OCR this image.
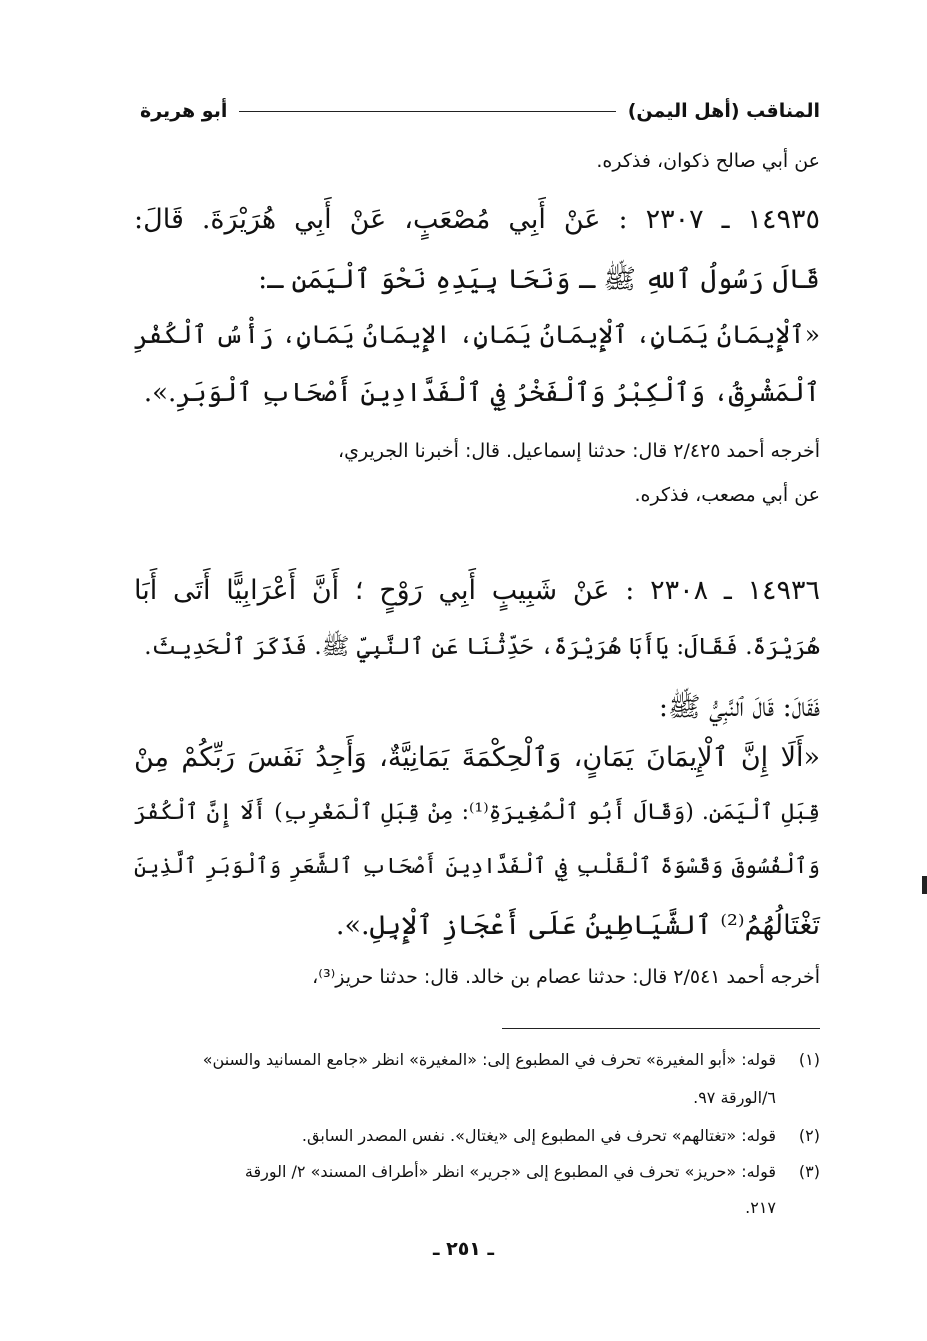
المناقب (أهل اليمن)
أبو هريرة
عن أبي صالح ذكوان، فذكره.
١٤٩٣٥ ـ ٢٣٠٧ : عَنْ أَبِي مُصْعَبٍ، عَنْ أَبِي هُرَيْرَةَ. قَالَ:
قَالَ رَسُولُ ٱللهِ ﷺ ـ وَنَحَا بِيَدِهِ نَحْوَ ٱلْيَمَنِ ـ:
«ٱلْإِيمَانُ يَمَانٍ، ٱلْإِيمَانُ يَمَانٍ، الإِيمَانُ يَمَانٍ، رَأْسُ ٱلْكُفْرِ
ٱلْمَشْرِقُ، وَٱلْكِبْرُ وَٱلْفَخْرُ فِي ٱلْفَدَّادِينَ أَصْحَابِ ٱلْوَبَرِ.».
أخرجه أحمد ٢/٤٢٥ قال: حدثنا إسماعيل. قال: أخبرنا الجريري،
عن أبي مصعب، فذكره.
١٤٩٣٦ ـ ٢٣٠٨ : عَنْ شَبِيبٍ أَبِي رَوْحٍ ؛ أَنَّ أَعْرَابِيًّا أَتَى أَبَا
هُرَيْرَةَ. فَقَالَ: يَاأَبَا هُرَيْرَةَ، حَدِّثْنَا عَنِ ٱلنَّبِيِّ ﷺ. فَذَكَرَ ٱلْحَدِيثَ.
فَقَالَ: قَالَ ٱلنَّبِيُّ ﷺ:
«أَلَا إِنَّ ٱلْإِيمَانَ يَمَانٍ، وَٱلْحِكْمَةَ يَمَانِيَّةٌ، وَأَجِدُ نَفَسَ رَبِّكُمْ مِنْ
قِبَلِ ٱلْيَمَنِ. (وَقَالَ أَبُو ٱلْمُغِيرَةِ⁽¹⁾: مِنْ قِبَلِ ٱلْمَغْرِبِ) أَلَا إِنَّ ٱلْكُفْرَ
وَٱلْفُسُوقَ وَقَسْوَةَ ٱلْقَلْبِ فِي ٱلْفَدَّادِينَ أَصْحَابِ ٱلشَّعَرِ وَٱلْوَبَرِ ٱلَّذِينَ
تَغْتَالُهُمُ⁽²⁾ ٱلشَّيَاطِينُ عَلَى أَعْجَازِ ٱلْإِبِلِ.».
أخرجه أحمد ٢/٥٤١ قال: حدثنا عصام بن خالد. قال: حدثنا حريز⁽³⁾،
(١)قوله: «أبو المغيرة» تحرف في المطبوع إلى: «المغيرة» انظر «جامع المسانيد والسنن»
٦/الورقة ٩٧.
(٢)قوله: «تغتالهم» تحرف في المطبوع إلى «يغتال». نفس المصدر السابق.
(٣)قوله: «حريز» تحرف في المطبوع إلى «جرير» انظر «أطراف المسند» ٢/ الورقة
٢١٧.
ـ ٢٥١ ـ
